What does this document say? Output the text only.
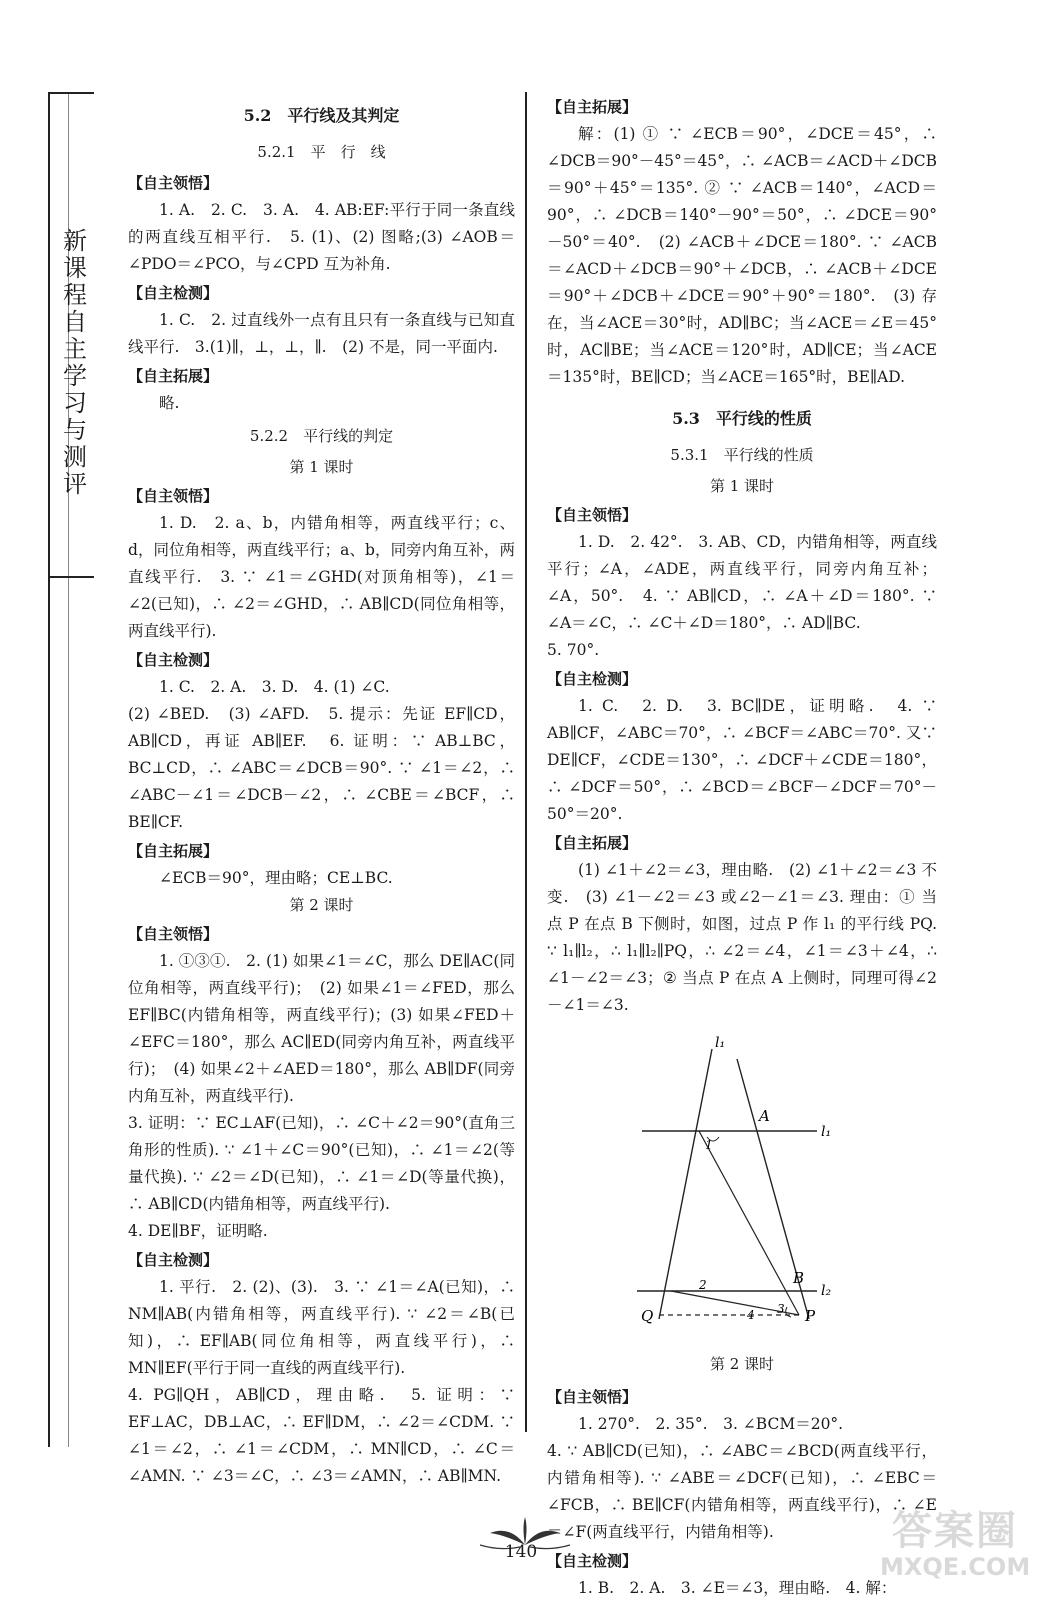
新课程自主学习与测评
5.2　平行线及其判定
5.2.1　平　行　线
【自主领悟】
1. A.　2. C.　3. A.　4. AB:EF:平行于同一条直线的两直线互相平行.　5. (1)、(2) 图略;(3) ∠AOB＝∠PDO＝∠PCO，与∠CPD 互为补角.
【自主检测】
1. C.　2. 过直线外一点有且只有一条直线与已知直线平行.　3.(1)∥，⊥，⊥，∥.　(2) 不是，同一平面内.
【自主拓展】
略.
5.2.2　平行线的判定
第 1 课时
【自主领悟】
1. D.　2. a、b，内错角相等，两直线平行；c、d，同位角相等，两直线平行；a、b，同旁内角互补，两直线平行.　3. ∵ ∠1＝∠GHD(对顶角相等)，∠1＝∠2(已知)，∴ ∠2＝∠GHD，∴ AB∥CD(同位角相等，两直线平行).
【自主检测】
1. C.　2. A.　3. D.　4. (1) ∠C.
(2) ∠BED.　(3) ∠AFD.　5. 提示：先证 EF∥CD，AB∥CD，再证 AB∥EF.　6. 证明：∵ AB⊥BC，BC⊥CD，∴ ∠ABC＝∠DCB＝90°. ∵ ∠1＝∠2，∴ ∠ABC－∠1＝∠DCB－∠2，∴ ∠CBE＝∠BCF，∴ BE∥CF.
【自主拓展】
∠ECB＝90°，理由略；CE⊥BC.
第 2 课时
【自主领悟】
1. ①③①.　2. (1) 如果∠1＝∠C，那么 DE∥AC(同位角相等，两直线平行)；　(2) 如果∠1＝∠FED，那么 EF∥BC(内错角相等，两直线平行)；(3) 如果∠FED＋∠EFC＝180°，那么 AC∥ED(同旁内角互补，两直线平行)；　(4) 如果∠2＋∠AED＝180°，那么 AB∥DF(同旁内角互补，两直线平行).
3. 证明：∵ EC⊥AF(已知)，∴ ∠C＋∠2＝90°(直角三角形的性质). ∵ ∠1＋∠C＝90°(已知)，∴ ∠1＝∠2(等量代换). ∵ ∠2＝∠D(已知)，∴ ∠1＝∠D(等量代换)，∴ AB∥CD(内错角相等，两直线平行).
4. DE∥BF，证明略.
【自主检测】
1. 平行.　2. (2)、(3).　3. ∵ ∠1＝∠A(已知)，∴ NM∥AB(内错角相等，两直线平行). ∵ ∠2＝∠B(已知)，∴ EF∥AB(同位角相等，两直线平行)，∴ MN∥EF(平行于同一直线的两直线平行).
4. PG∥QH，AB∥CD，理由略.　5. 证明：∵ EF⊥AC，DB⊥AC，∴ EF∥DM，∴ ∠2＝∠CDM. ∵ ∠1＝∠2，∴ ∠1＝∠CDM，∴ MN∥CD，∴ ∠C＝∠AMN. ∵ ∠3＝∠C，∴ ∠3＝∠AMN，∴ AB∥MN.
【自主拓展】
解：(1) ① ∵ ∠ECB＝90°，∠DCE＝45°，∴ ∠DCB＝90°－45°＝45°，∴ ∠ACB＝∠ACD＋∠DCB＝90°＋45°＝135°. ② ∵ ∠ACB＝140°，∠ACD＝90°，∴ ∠DCB＝140°－90°＝50°，∴ ∠DCE＝90°－50°＝40°.　(2) ∠ACB＋∠DCE＝180°. ∵ ∠ACB＝∠ACD＋∠DCB＝90°＋∠DCB，∴ ∠ACB＋∠DCE＝90°＋∠DCB＋∠DCE＝90°＋90°＝180°.　(3) 存在，当∠ACE＝30°时，AD∥BC；当∠ACE＝∠E＝45°时，AC∥BE；当∠ACE＝120°时，AD∥CE；当∠ACE＝135°时，BE∥CD；当∠ACE＝165°时，BE∥AD.
5.3　平行线的性质
5.3.1　平行线的性质
第 1 课时
【自主领悟】
1. D.　2. 42°.　3. AB、CD，内错角相等，两直线平行；∠A，∠ADE，两直线平行，同旁内角互补；∠A，50°.　4. ∵ AB∥CD，∴ ∠A＋∠D＝180°. ∵ ∠A＝∠C，∴ ∠C＋∠D＝180°，∴ AD∥BC.
5. 70°.
【自主检测】
1. C.　2. D.　3. BC∥DE，证明略.　4. ∵ AB∥CF，∠ABC＝70°，∴ ∠BCF＝∠ABC＝70°. 又∵ DE∥CF，∠CDE＝130°，∴ ∠DCF＋∠CDE＝180°，∴ ∠DCF＝50°，∴ ∠BCD＝∠BCF－∠DCF＝70°－50°＝20°.
【自主拓展】
(1) ∠1＋∠2＝∠3，理由略.　(2) ∠1＋∠2＝∠3 不变.　(3) ∠1－∠2＝∠3 或∠2－∠1＝∠3. 理由：① 当点 P 在点 B 下侧时，如图，过点 P 作 l₁ 的平行线 PQ. ∵ l₁∥l₂，∴ l₁∥l₂∥PQ，∴ ∠2＝∠4，∠1＝∠3＋∠4，∴ ∠1－∠2＝∠3；② 当点 P 在点 A 上侧时，同理可得∠2－∠1＝∠3.
l₁
l₁
l₂
A
B
P
Q
1
2
3
4
第 2 课时
【自主领悟】
1. 270°.　2. 35°.　3. ∠BCM＝20°.
4. ∵ AB∥CD(已知)，∴ ∠ABC＝∠BCD(两直线平行，内错角相等). ∵ ∠ABE＝∠DCF(已知)，∴ ∠EBC＝∠FCB，∴ BE∥CF(内错角相等，两直线平行)，∴ ∠E＝∠F(两直线平行，内错角相等).
【自主检测】
1. B.　2. A.　3. ∠E＝∠3，理由略.　4. 解：
140	答案圈
MXQE.COM
